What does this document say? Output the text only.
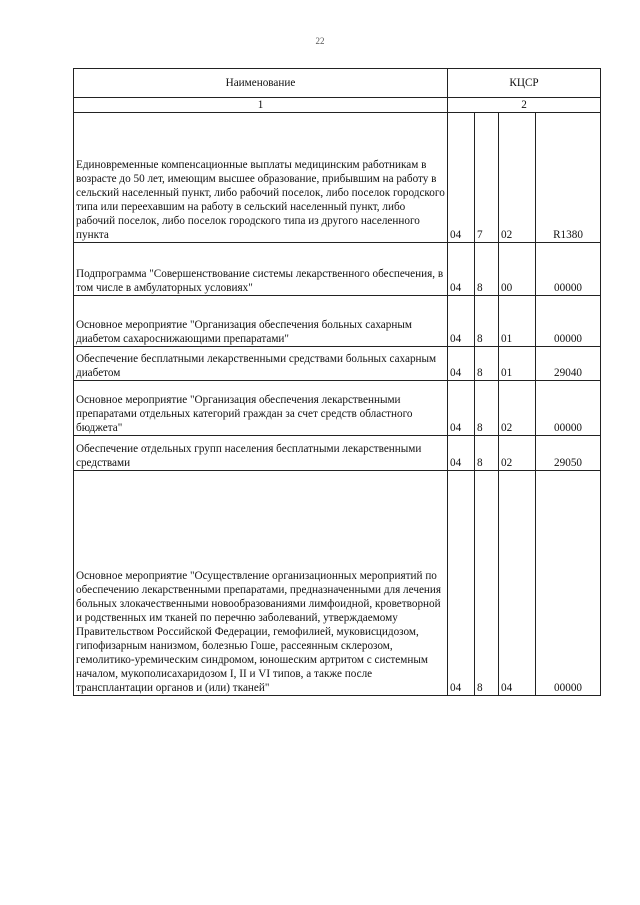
22
Наименование	КЦСР			
1	2			
Единовременные компенсационные выплаты медицинским работникам в возрасте до 50 лет, имеющим высшее образование, прибывшим на работу в сельский населенный пункт, либо рабочий поселок, либо поселок городского типа или переехавшим на работу в сельский населенный пункт, либо рабочий поселок, либо поселок городского типа из другого населенного пункта	04	7	02	R1380
Подпрограмма "Совершенствование системы лекарственного обеспечения, в том числе в амбулаторных условиях"	04	8	00	00000
Основное мероприятие "Организация обеспечения больных сахарным диабетом сахароснижающими препаратами"	04	8	01	00000
Обеспечение бесплатными лекарственными средствами больных сахарным диабетом	04	8	01	29040
Основное мероприятие "Организация обеспечения лекарственными препаратами отдельных категорий граждан за счет средств областного бюджета"	04	8	02	00000
Обеспечение отдельных групп населения бесплатными лекарственными средствами	04	8	02	29050
Основное мероприятие "Осуществление организационных мероприятий по обеспечению лекарственными препаратами, предназначенными для лечения больных злокачественными новообразованиями лимфоидной, кроветворной и родственных им тканей по перечню заболеваний, утверждаемому Правительством Российской Федерации, гемофилией, муковисцидозом, гипофизарным нанизмом, болезнью Гоше, рассеянным склерозом, гемолитико-уремическим синдромом, юношеским артритом с системным началом, мукополисахаридозом I, II и VI типов, а также после трансплантации органов и (или) тканей"	04	8	04	00000
